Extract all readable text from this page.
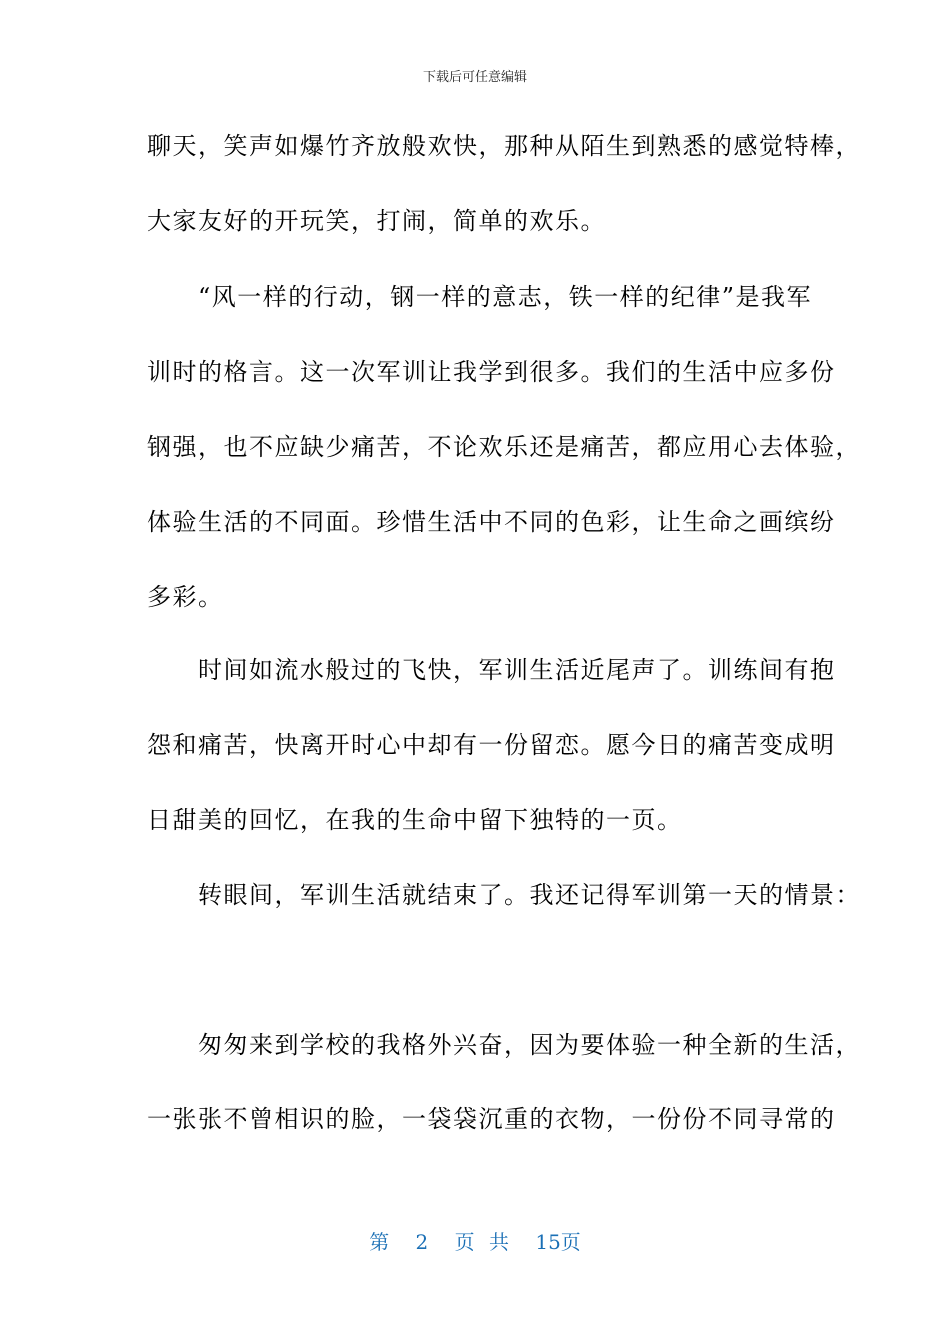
下载后可任意编辑
聊天，笑声如爆竹齐放般欢快，那种从陌生到熟悉的感觉特棒，
大家友好的开玩笑，打闹，简单的欢乐。
　　“风一样的行动，钢一样的意志，铁一样的纪律”是我军
训时的格言。这一次军训让我学到很多。我们的生活中应多份
钢强，也不应缺少痛苦，不论欢乐还是痛苦，都应用心去体验，
体验生活的不同面。珍惜生活中不同的色彩，让生命之画缤纷
多彩。
　　时间如流水般过的飞快，军训生活近尾声了。训练间有抱
怨和痛苦，快离开时心中却有一份留恋。愿今日的痛苦变成明
日甜美的回忆，在我的生命中留下独特的一页。
　　转眼间，军训生活就结束了。我还记得军训第一天的情景：
　　匆匆来到学校的我格外兴奋，因为要体验一种全新的生活，
一张张不曾相识的脸，一袋袋沉重的衣物，一份份不同寻常的
第 2 页 共 15页
